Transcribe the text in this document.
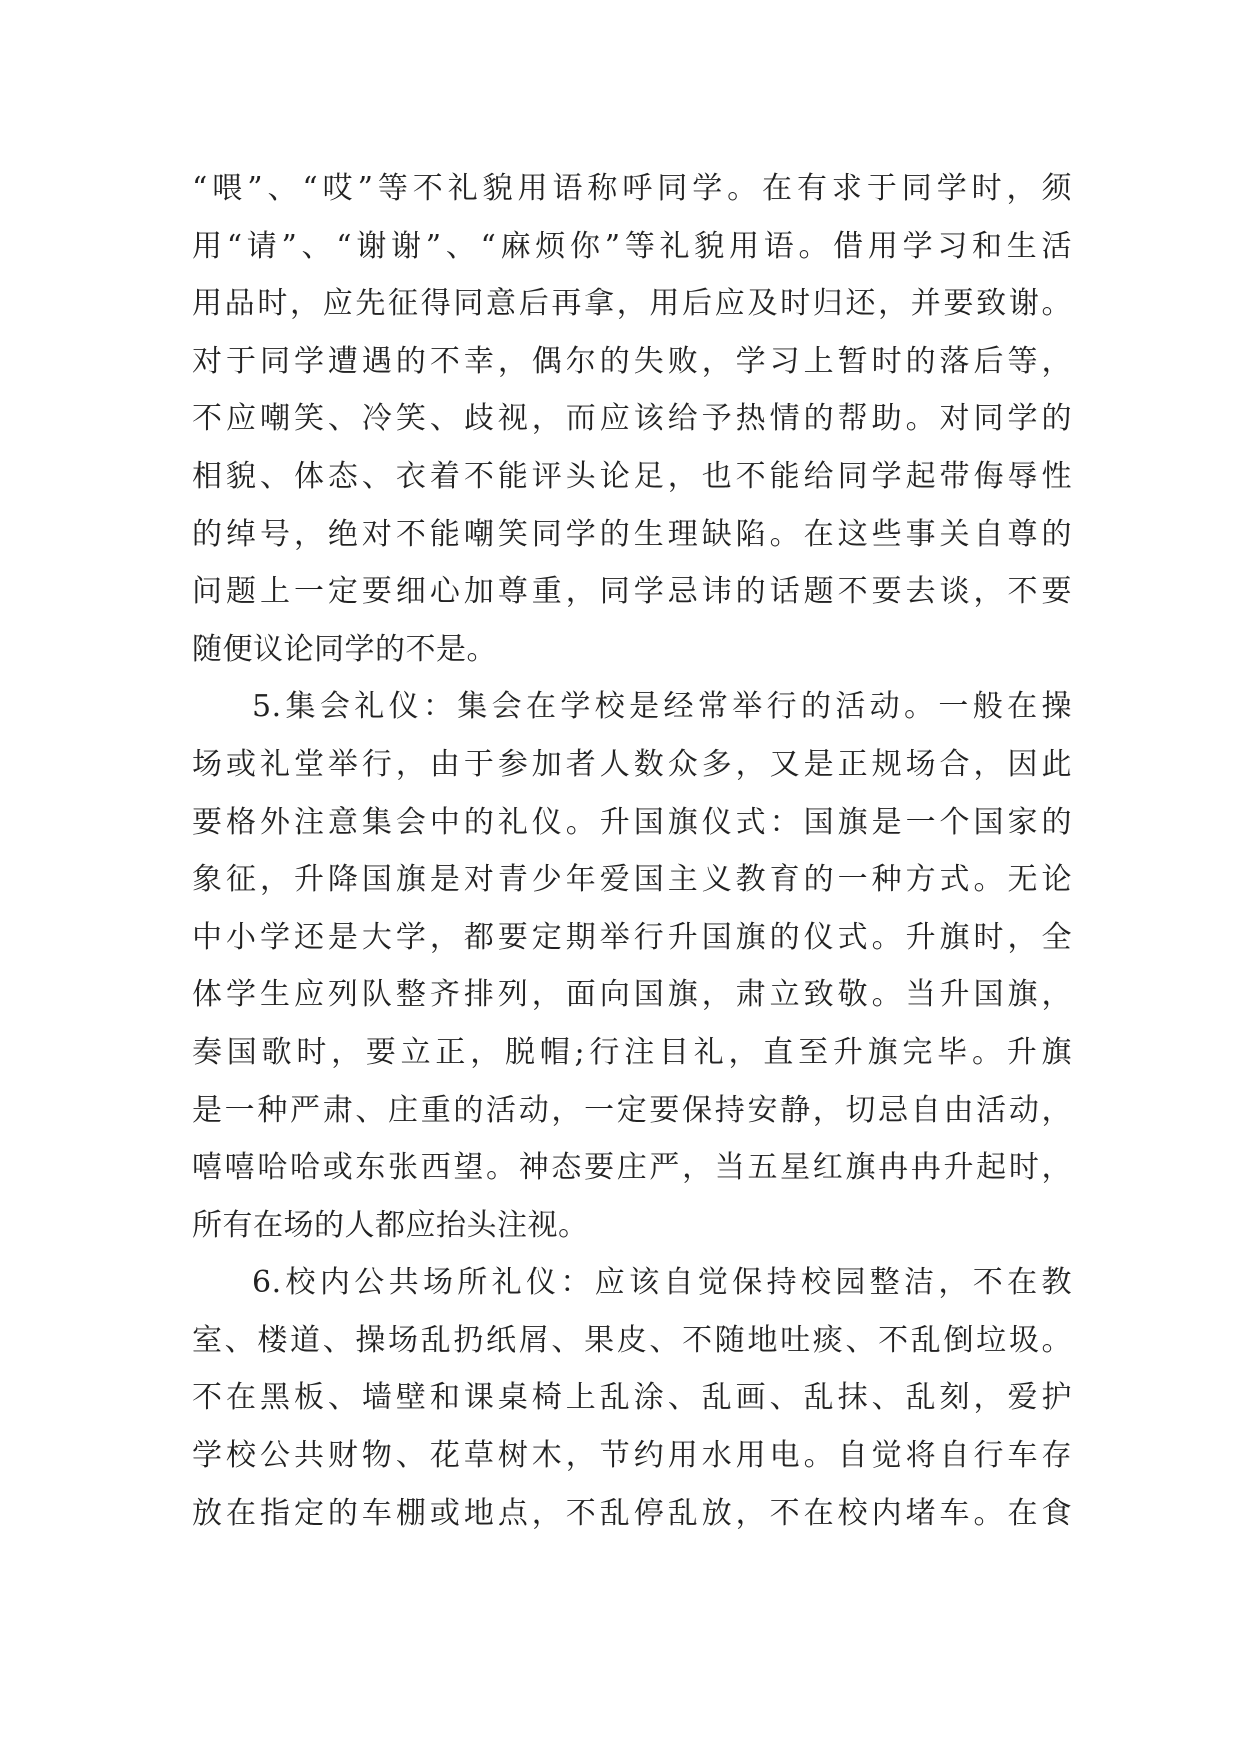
“喂”、“哎”等不礼貌用语称呼同学。在有求于同学时，须
用“请”、“谢谢”、“麻烦你”等礼貌用语。借用学习和生活
用品时，应先征得同意后再拿，用后应及时归还，并要致谢。
对于同学遭遇的不幸，偶尔的失败，学习上暂时的落后等，
不应嘲笑、冷笑、歧视，而应该给予热情的帮助。对同学的
相貌、体态、衣着不能评头论足，也不能给同学起带侮辱性
的绰号，绝对不能嘲笑同学的生理缺陷。在这些事关自尊的
问题上一定要细心加尊重，同学忌讳的话题不要去谈，不要
随便议论同学的不是。
5.集会礼仪：集会在学校是经常举行的活动。一般在操
场或礼堂举行，由于参加者人数众多，又是正规场合，因此
要格外注意集会中的礼仪。升国旗仪式：国旗是一个国家的
象征，升降国旗是对青少年爱国主义教育的一种方式。无论
中小学还是大学，都要定期举行升国旗的仪式。升旗时，全
体学生应列队整齐排列，面向国旗，肃立致敬。当升国旗，
奏国歌时，要立正，脱帽;行注目礼，直至升旗完毕。升旗
是一种严肃、庄重的活动，一定要保持安静，切忌自由活动，
嘻嘻哈哈或东张西望。神态要庄严，当五星红旗冉冉升起时，
所有在场的人都应抬头注视。
6.校内公共场所礼仪：应该自觉保持校园整洁，不在教
室、楼道、操场乱扔纸屑、果皮、不随地吐痰、不乱倒垃圾。
不在黑板、墙壁和课桌椅上乱涂、乱画、乱抹、乱刻，爱护
学校公共财物、花草树木，节约用水用电。自觉将自行车存
放在指定的车棚或地点，不乱停乱放，不在校内堵车。在食
